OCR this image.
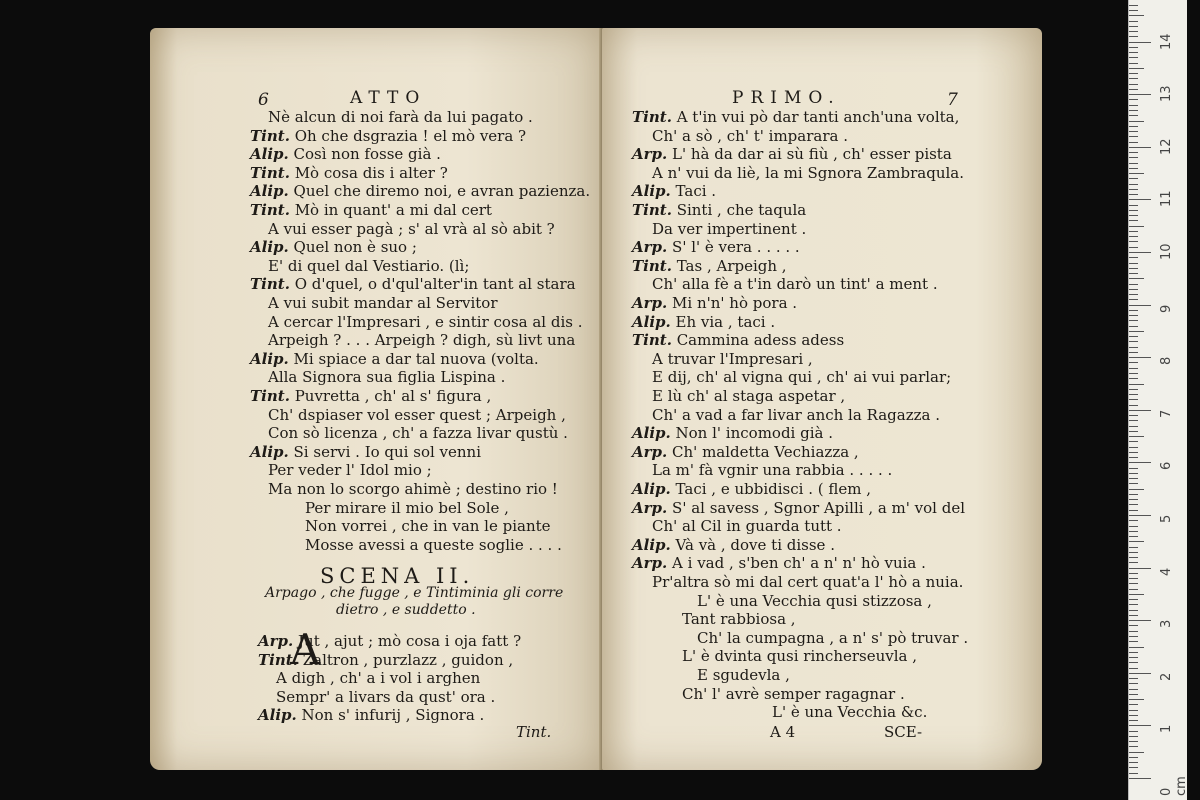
6	ATTO
Nè alcun di noi farà da lui pagato .
Tint. Oh che dsgrazia ! el mò vera ?
Alip. Così non fosse già .
Tint. Mò cosa dis i alter ?
Alip. Quel che diremo noi, e avran pazienza.
Tint. Mò in quant' a mi dal cert
A vui esser pagà ; s' al vrà al sò abit ?
Alip. Quel non è suo ;
E' di quel dal Vestiario. (lì;
Tint. O d'quel, o d'qul'alter'in tant al stara
A vui subit mandar al Servitor
A cercar l'Impresari , e sintir cosa al dis .
Arpeigh ? . . . Arpeigh ? digh, sù livt una
Alip. Mi spiace a dar tal nuova (volta.
Alla Signora sua figlia Lispina .
Tint. Puvretta , ch' al s' figura ,
Ch' dspiaser vol esser quest ; Arpeigh ,
Con sò licenza , ch' a fazza livar qustù .
Alip. Si servi . Io qui sol venni
Per veder l' Idol mio ;
Ma non lo scorgo ahimè ; destino rio !
Per mirare il mio bel Sole ,
Non vorrei , che in van le piante
Mosse avessi a queste soglie . . . .
SCENA II.
Arpago , che fugge , e Tintiminia gli corre
dietro , e suddetto .
A
Arp. Jut , ajut ; mò cosa i oja fatt ?
Tint. Zaltron , purzlazz , guidon ,
A digh , ch' a i vol i arghen
Sempr' a livars da qust' ora .
Alip. Non s' infurij , Signora .
Tint.
PRIMO.	7
Tint. A t'in vui pò dar tanti anch'una volta,
Ch' a sò , ch' t' imparara .
Arp. L' hà da dar ai sù fiù , ch' esser pista
A n' vui da liè, la mi Sgnora Zambraqula.
Alip. Taci .
Tint. Sinti , che taqula
Da ver impertinent .
Arp. S' l' è vera . . . . .
Tint. Tas , Arpeigh ,
Ch' alla fè a t'in darò un tint' a ment .
Arp. Mi n'n' hò pora .
Alip. Eh via , taci .
Tint. Cammina adess adess
A truvar l'Impresari ,
E dij, ch' al vigna qui , ch' ai vui parlar;
E lù ch' al staga aspetar ,
Ch' a vad a far livar anch la Ragazza .
Alip. Non l' incomodi già .
Arp. Ch' maldetta Vechiazza ,
La m' fà vgnir una rabbia . . . . .
Alip. Taci , e ubbidisci . ( flem ,
Arp. S' al savess , Sgnor Apilli , a m' vol del
Ch' al Cil in guarda tutt .
Alip. Và và , dove ti disse .
Arp. A i vad , s'ben ch' a n' n' hò vuia .
Pr'altra sò mi dal cert quat'a l' hò a nuia.
L' è una Vecchia qusi stizzosa ,
Tant rabbiosa ,
Ch' la cumpagna , a n' s' pò truvar .
L' è dvinta qusi rincherseuvla ,
E sgudevla ,
Ch' l' avrè semper ragagnar .
L' è una Vecchia &c.
A 4	SCE-
0 cm
1
2
3
4
5
6
7
8
9
10
11
12
13
14
